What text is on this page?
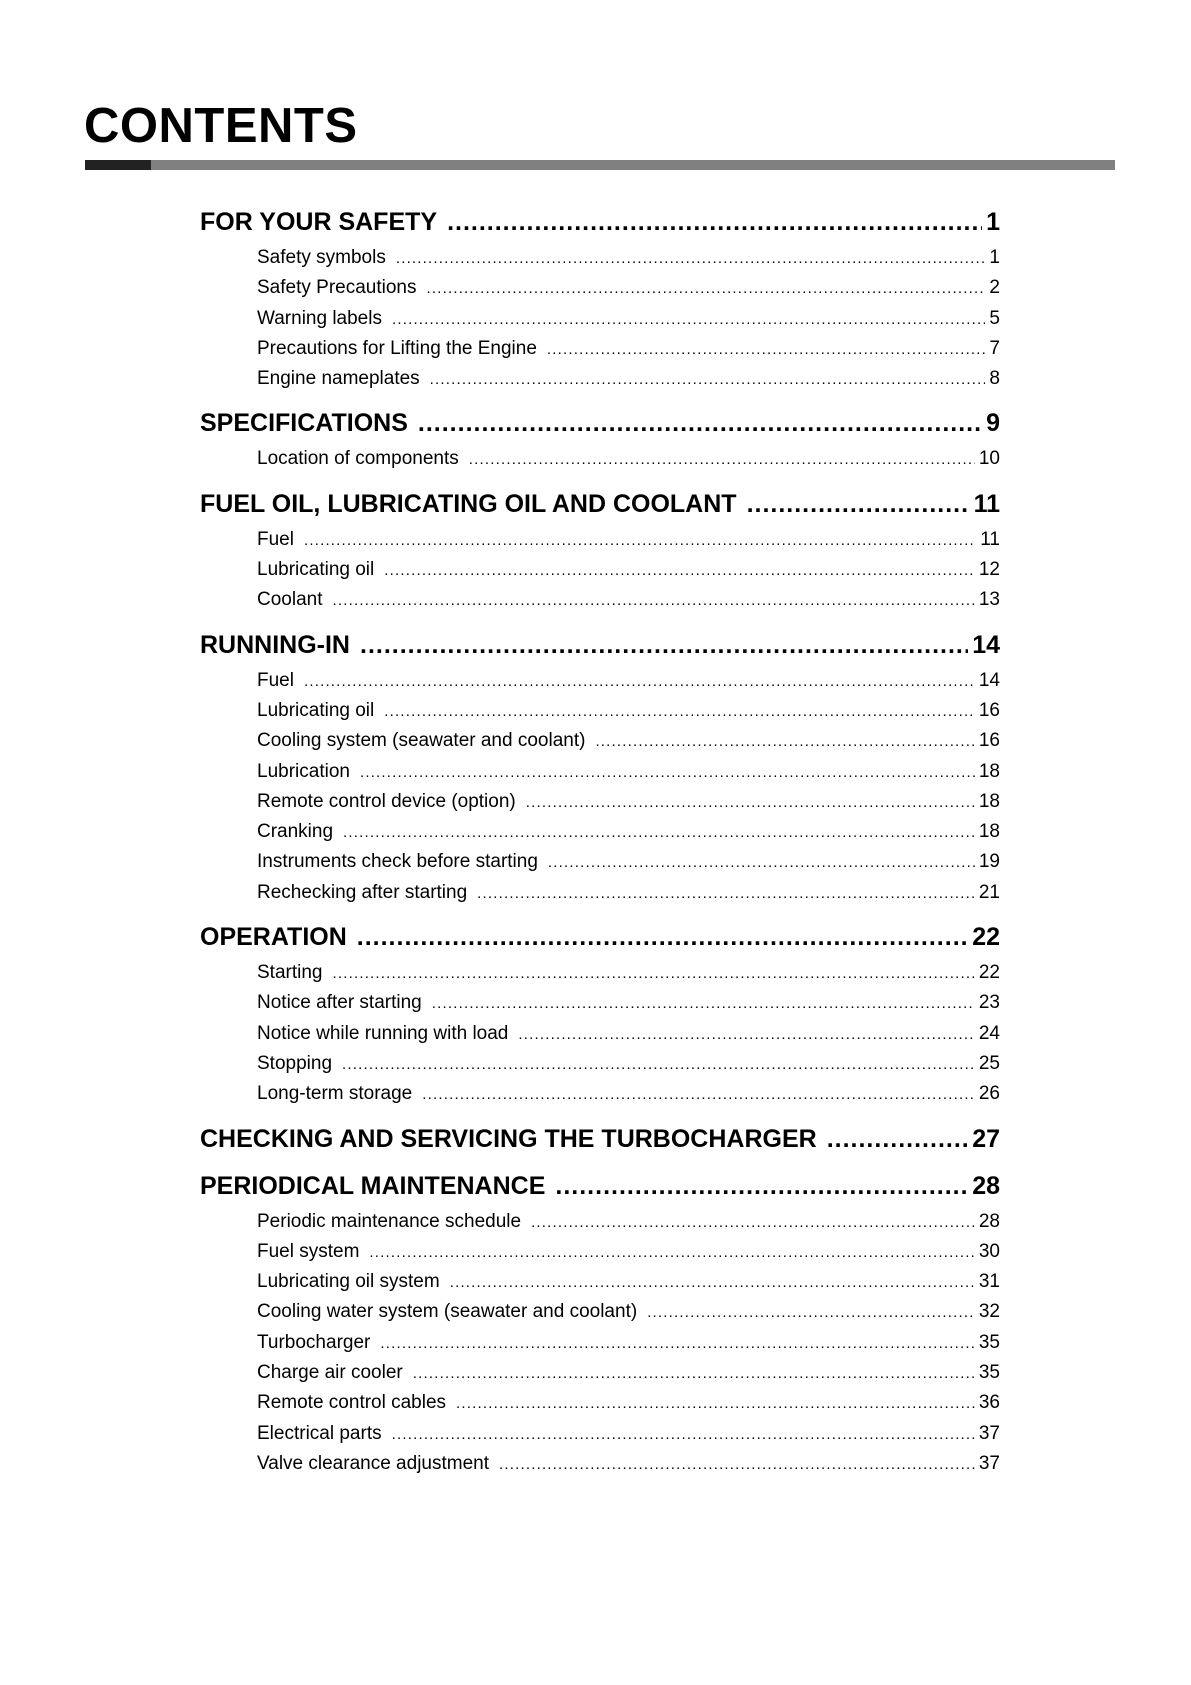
CONTENTS
FOR YOUR SAFETY .....	1
Safety symbols .....	1
Safety Precautions .....	2
Warning labels .....	5
Precautions for Lifting the Engine .....	7
Engine nameplates .....	8
SPECIFICATIONS .....	9
Location of components .....	10
FUEL OIL, LUBRICATING OIL AND COOLANT .....	11
Fuel .....	11
Lubricating oil .....	12
Coolant .....	13
RUNNING-IN .....	14
Fuel .....	14
Lubricating oil .....	16
Cooling system (seawater and coolant) .....	16
Lubrication .....	18
Remote control device (option) .....	18
Cranking .....	18
Instruments check before starting .....	19
Rechecking after starting .....	21
OPERATION .....	22
Starting .....	22
Notice after starting .....	23
Notice while running with load .....	24
Stopping .....	25
Long-term storage .....	26
CHECKING AND SERVICING THE TURBOCHARGER .....	27
PERIODICAL MAINTENANCE .....	28
Periodic maintenance schedule .....	28
Fuel system .....	30
Lubricating oil system .....	31
Cooling water system (seawater and coolant) .....	32
Turbocharger .....	35
Charge air cooler .....	35
Remote control cables .....	36
Electrical parts .....	37
Valve clearance adjustment .....	37
